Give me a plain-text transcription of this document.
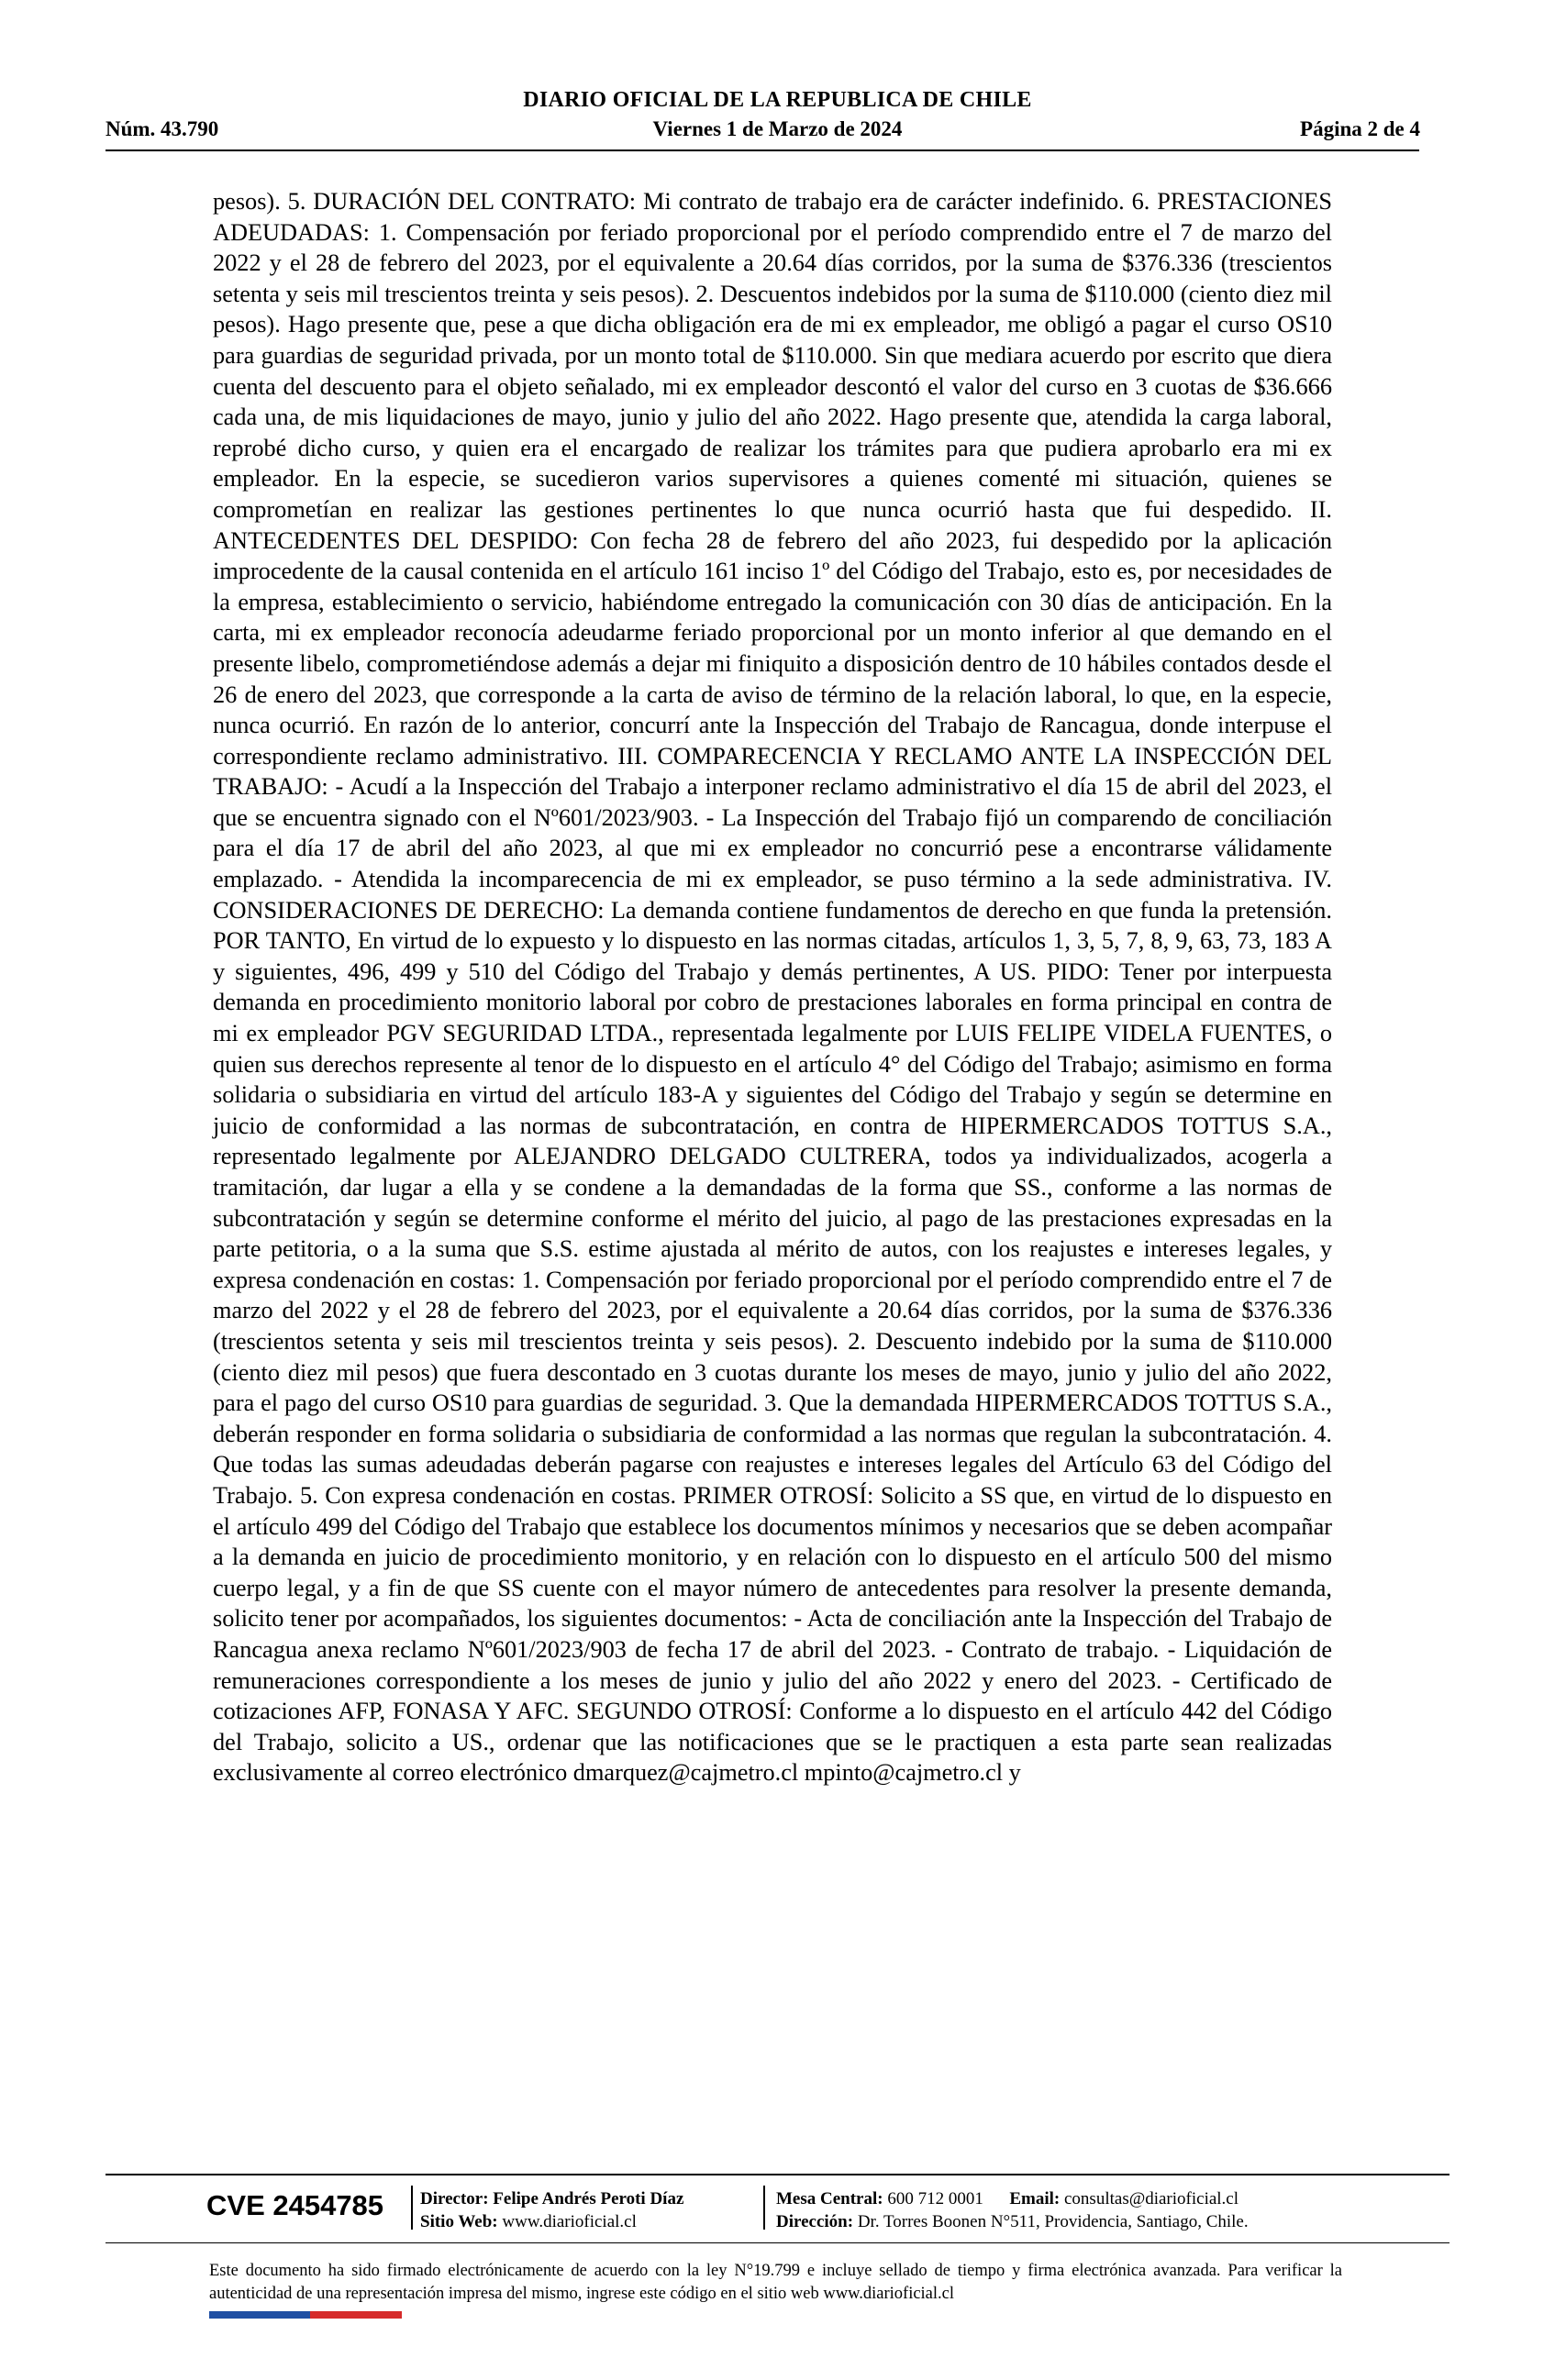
DIARIO OFICIAL DE LA REPUBLICA DE CHILE
Núm. 43.790	Viernes 1 de Marzo de 2024	Página 2 de 4

pesos). 5. DURACIÓN DEL CONTRATO: Mi contrato de trabajo era de carácter indefinido. 6. PRESTACIONES ADEUDADAS: 1. Compensación por feriado proporcional por el período comprendido entre el 7 de marzo del 2022 y el 28 de febrero del 2023, por el equivalente a 20.64 días corridos, por la suma de $376.336 (trescientos setenta y seis mil trescientos treinta y seis pesos). 2. Descuentos indebidos por la suma de $110.000 (ciento diez mil pesos). Hago presente que, pese a que dicha obligación era de mi ex empleador, me obligó a pagar el curso OS10 para guardias de seguridad privada, por un monto total de $110.000. Sin que mediara acuerdo por escrito que diera cuenta del descuento para el objeto señalado, mi ex empleador descontó el valor del curso en 3 cuotas de $36.666 cada una, de mis liquidaciones de mayo, junio y julio del año 2022. Hago presente que, atendida la carga laboral, reprobé dicho curso, y quien era el encargado de realizar los trámites para que pudiera aprobarlo era mi ex empleador. En la especie, se sucedieron varios supervisores a quienes comenté mi situación, quienes se comprometían en realizar las gestiones pertinentes lo que nunca ocurrió hasta que fui despedido. II. ANTECEDENTES DEL DESPIDO: Con fecha 28 de febrero del año 2023, fui despedido por la aplicación improcedente de la causal contenida en el artículo 161 inciso 1º del Código del Trabajo, esto es, por necesidades de la empresa, establecimiento o servicio, habiéndome entregado la comunicación con 30 días de anticipación. En la carta, mi ex empleador reconocía adeudarme feriado proporcional por un monto inferior al que demando en el presente libelo, comprometiéndose además a dejar mi finiquito a disposición dentro de 10 hábiles contados desde el 26 de enero del 2023, que corresponde a la carta de aviso de término de la relación laboral, lo que, en la especie, nunca ocurrió. En razón de lo anterior, concurrí ante la Inspección del Trabajo de Rancagua, donde interpuse el correspondiente reclamo administrativo. III. COMPARECENCIA Y RECLAMO ANTE LA INSPECCIÓN DEL TRABAJO: - Acudí a la Inspección del Trabajo a interponer reclamo administrativo el día 15 de abril del 2023, el que se encuentra signado con el Nº601/2023/903. - La Inspección del Trabajo fijó un comparendo de conciliación para el día 17 de abril del año 2023, al que mi ex empleador no concurrió pese a encontrarse válidamente emplazado. - Atendida la incomparecencia de mi ex empleador, se puso término a la sede administrativa. IV. CONSIDERACIONES DE DERECHO: La demanda contiene fundamentos de derecho en que funda la pretensión. POR TANTO, En virtud de lo expuesto y lo dispuesto en las normas citadas, artículos 1, 3, 5, 7, 8, 9, 63, 73, 183 A y siguientes, 496, 499 y 510 del Código del Trabajo y demás pertinentes, A US. PIDO: Tener por interpuesta demanda en procedimiento monitorio laboral por cobro de prestaciones laborales en forma principal en contra de mi ex empleador PGV SEGURIDAD LTDA., representada legalmente por LUIS FELIPE VIDELA FUENTES, o quien sus derechos represente al tenor de lo dispuesto en el artículo 4° del Código del Trabajo; asimismo en forma solidaria o subsidiaria en virtud del artículo 183-A y siguientes del Código del Trabajo y según se determine en juicio de conformidad a las normas de subcontratación, en contra de HIPERMERCADOS TOTTUS S.A., representado legalmente por ALEJANDRO DELGADO CULTRERA, todos ya individualizados, acogerla a tramitación, dar lugar a ella y se condene a la demandadas de la forma que SS., conforme a las normas de subcontratación y según se determine conforme el mérito del juicio, al pago de las prestaciones expresadas en la parte petitoria, o a la suma que S.S. estime ajustada al mérito de autos, con los reajustes e intereses legales, y expresa condenación en costas: 1. Compensación por feriado proporcional por el período comprendido entre el 7 de marzo del 2022 y el 28 de febrero del 2023, por el equivalente a 20.64 días corridos, por la suma de $376.336 (trescientos setenta y seis mil trescientos treinta y seis pesos). 2. Descuento indebido por la suma de $110.000 (ciento diez mil pesos) que fuera descontado en 3 cuotas durante los meses de mayo, junio y julio del año 2022, para el pago del curso OS10 para guardias de seguridad. 3. Que la demandada HIPERMERCADOS TOTTUS S.A., deberán responder en forma solidaria o subsidiaria de conformidad a las normas que regulan la subcontratación. 4. Que todas las sumas adeudadas deberán pagarse con reajustes e intereses legales del Artículo 63 del Código del Trabajo. 5. Con expresa condenación en costas. PRIMER OTROSÍ: Solicito a SS que, en virtud de lo dispuesto en el artículo 499 del Código del Trabajo que establece los documentos mínimos y necesarios que se deben acompañar a la demanda en juicio de procedimiento monitorio, y en relación con lo dispuesto en el artículo 500 del mismo cuerpo legal, y a fin de que SS cuente con el mayor número de antecedentes para resolver la presente demanda, solicito tener por acompañados, los siguientes documentos: - Acta de conciliación ante la Inspección del Trabajo de Rancagua anexa reclamo Nº601/2023/903 de fecha 17 de abril del 2023. - Contrato de trabajo. - Liquidación de remuneraciones correspondiente a los meses de junio y julio del año 2022 y enero del 2023. - Certificado de cotizaciones AFP, FONASA Y AFC. SEGUNDO OTROSÍ: Conforme a lo dispuesto en el artículo 442 del Código del Trabajo, solicito a US., ordenar que las notificaciones que se le practiquen a esta parte sean realizadas exclusivamente al correo electrónico dmarquez@cajmetro.cl mpinto@cajmetro.cl y

CVE 2454785 Director: Felipe Andrés Peroti Díaz
Sitio Web: www.diarioficial.cl
Mesa Central: 600 712 0001 Email: consultas@diarioficial.cl
Dirección: Dr. Torres Boonen N°511, Providencia, Santiago, Chile.
Este documento ha sido firmado electrónicamente de acuerdo con la ley N°19.799 e incluye sellado de tiempo y firma electrónica avanzada. Para verificar la autenticidad de una representación impresa del mismo, ingrese este código en el sitio web www.diarioficial.cl
